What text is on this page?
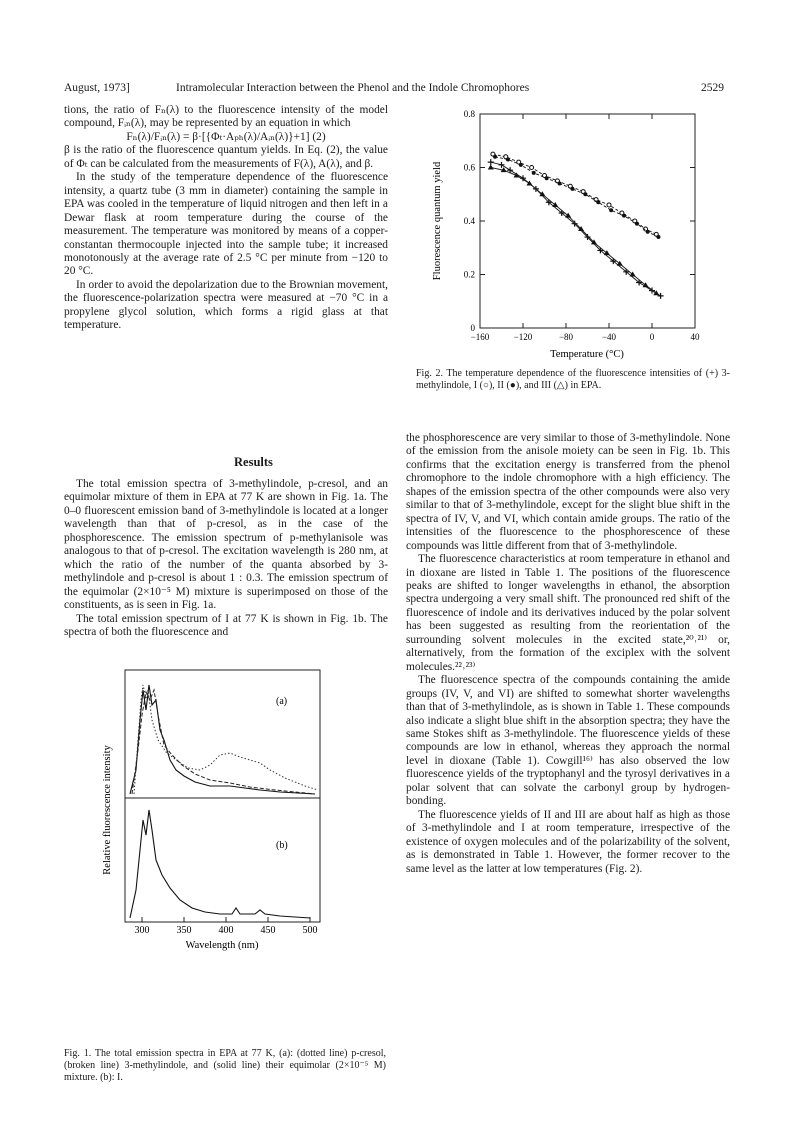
August, 1973]	Intramolecular Interaction between the Phenol and the Indole Chromophores	2529

tions, the ratio of Fₙ(λ) to the fluorescence intensity of the model compound, Fᵢₙ(λ), may be represented by an equation in which

Fₙ(λ)/Fᵢₙ(λ) = β·[{Φₜ·Aₚₕ(λ)/Aᵢₙ(λ)}+1] (2)

β is the ratio of the fluorescence quantum yields. In Eq. (2), the value of Φₜ can be calculated from the measurements of F(λ), A(λ), and β.

In the study of the temperature dependence of the fluorescence intensity, a quartz tube (3 mm in diameter) containing the sample in EPA was cooled in the temperature of liquid nitrogen and then left in a Dewar flask at room temperature during the course of the measurement. The temperature was monitored by means of a copper-constantan thermocouple injected into the sample tube; it increased monotonously at the average rate of 2.5 °C per minute from −120 to 20 °C.

In order to avoid the depolarization due to the Brownian movement, the fluorescence-polarization spectra were measured at −70 °C in a propylene glycol solution, which forms a rigid glass at that temperature.

Results

The total emission spectra of 3-methylindole, p-cresol, and an equimolar mixture of them in EPA at 77 K are shown in Fig. 1a. The 0–0 fluorescent emission band of 3-methylindole is located at a longer wavelength than that of p-cresol, as in the case of the phosphorescence. The emission spectrum of p-methylanisole was analogous to that of p-cresol. The excitation wavelength is 280 nm, at which the ratio of the number of the quanta absorbed by 3-methylindole and p-cresol is about 1 : 0.3. The emission spectrum of the equimolar (2×10⁻⁵ M) mixture is superimposed on those of the constituents, as is seen in Fig. 1a.

The total emission spectrum of I at 77 K is shown in Fig. 1b. The spectra of both the fluorescence and

the phosphorescence are very similar to those of 3-methylindole. None of the emission from the anisole moiety can be seen in Fig. 1b. This confirms that the excitation energy is transferred from the phenol chromophore to the indole chromophore with a high efficiency. The shapes of the emission spectra of the other compounds were also very similar to that of 3-methylindole, except for the slight blue shift in the spectra of IV, V, and VI, which contain amide groups. The ratio of the intensities of the fluorescence to the phosphorescence of these compounds was little different from that of 3-methylindole.

The fluorescence characteristics at room temperature in ethanol and in dioxane are listed in Table 1. The positions of the fluorescence peaks are shifted to longer wavelengths in ethanol, the absorption spectra undergoing a very small shift. The pronounced red shift of the fluorescence of indole and its derivatives induced by the polar solvent has been suggested as resulting from the reorientation of the surrounding solvent molecules in the excited state,²⁰˒²¹⁾ or, alternatively, from the formation of the exciplex with the solvent molecules.²²˒²³⁾

The fluorescence spectra of the compounds containing the amide groups (IV, V, and VI) are shifted to somewhat shorter wavelengths than that of 3-methylindole, as is shown in Table 1. These compounds also indicate a slight blue shift in the absorption spectra; they have the same Stokes shift as 3-methylindole. The fluorescence yields of these compounds are low in ethanol, whereas they approach the normal level in dioxane (Table 1). Cowgill¹⁶⁾ has also observed the low fluorescence yields of the tryptophanyl and the tyrosyl derivatives in a polar solvent that can solvate the carbonyl group by hydrogen-bonding.

The fluorescence yields of II and III are about half as high as those of 3-methylindole and I at room temperature, irrespective of the existence of oxygen molecules and of the polarizability of the solvent, as is demonstrated in Table 1. However, the former recover to the same level as the latter at low temperatures (Fig. 2).

300	350	400	450	500
Wavelength (nm)
Relative fluorescence intensity
(a)
(b)
Fig. 1. The total emission spectra in EPA at 77 K, (a): (dotted line) p-cresol, (broken line) 3-methylindole, and (solid line) their equimolar (2×10⁻⁵ M) mixture. (b): I.
−160	−120	−80	−40	0	40
0
0.2
0.4
0.6
0.8
Temperature (°C)
Fluorescence quantum yield
Fig. 2. The temperature dependence of the fluorescence intensities of (+) 3-methylindole, I (○), II (●), and III (△) in EPA.
